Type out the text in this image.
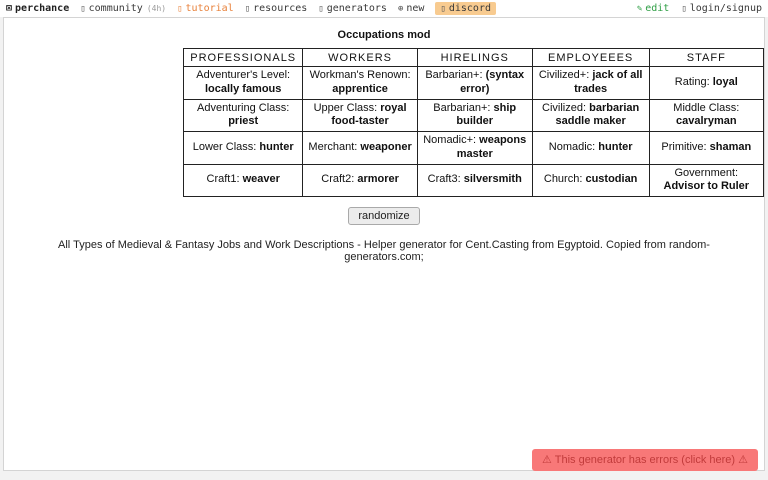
⊠ perchance ▯ community (4h) ▯ tutorial ▯ resources ▯ generators ⊕ new ▯ discord	✎ edit ▯ login/signup
Occupations mod
PROFESSIONALS	WORKERS	HIRELINGS	EMPLOYEEES	STAFF
Adventurer's Level: locally famous	Workman's Renown: apprentice	Barbarian+: (syntax error)	Civilized+: jack of all trades	Rating: loyal
Adventuring Class: priest	Upper Class: royal food-taster	Barbarian+: ship builder	Civilized: barbarian saddle maker	Middle Class: cavalryman
Lower Class: hunter	Merchant: weaponer	Nomadic+: weapons master	Nomadic: hunter	Primitive: shaman
Craft1: weaver	Craft2: armorer	Craft3: silversmith	Church: custodian	Government: Advisor to Ruler
randomize
All Types of Medieval & Fantasy Jobs and Work Descriptions - Helper generator for Cent.Casting from Egyptoid. Copied from random-generators.com;
⚠ This generator has errors (click here) ⚠
